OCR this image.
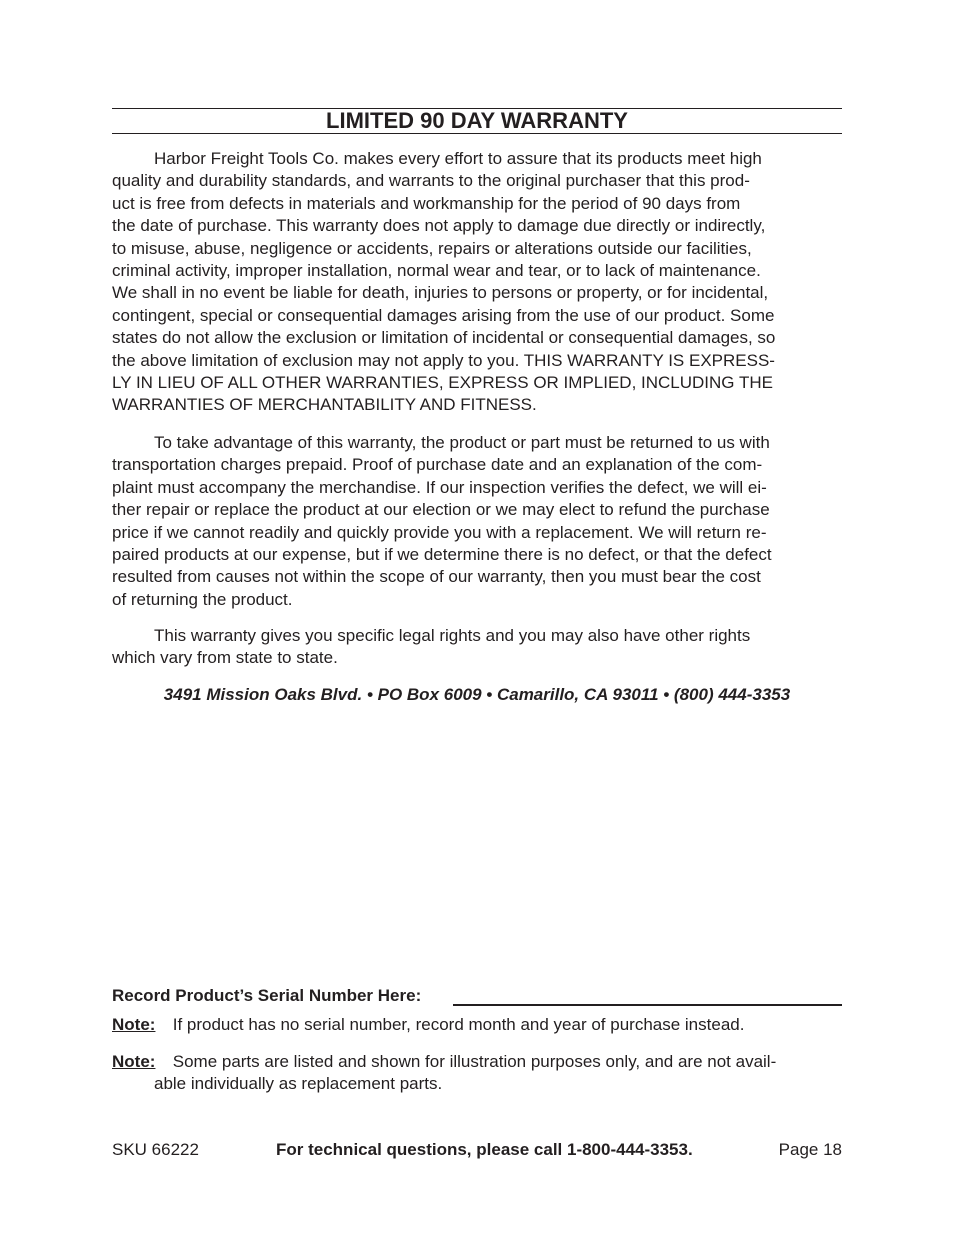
LIMITED 90 DAY WARRANTY
Harbor Freight Tools Co. makes every effort to assure that its products meet high
quality and durability standards, and warrants to the original purchaser that this prod-
uct is free from defects in materials and workmanship for the period of 90 days from
the date of purchase. This warranty does not apply to damage due directly or indirectly,
to misuse, abuse, negligence or accidents, repairs or alterations outside our facilities,
criminal activity, improper installation, normal wear and tear, or to lack of maintenance.
We shall in no event be liable for death, injuries to persons or property, or for incidental,
contingent, special or consequential damages arising from the use of our product. Some
states do not allow the exclusion or limitation of incidental or consequential damages, so
the above limitation of exclusion may not apply to you. THIS WARRANTY IS EXPRESS-
LY IN LIEU OF ALL OTHER WARRANTIES, EXPRESS OR IMPLIED, INCLUDING THE
WARRANTIES OF MERCHANTABILITY AND FITNESS.
To take advantage of this warranty, the product or part must be returned to us with
transportation charges prepaid. Proof of purchase date and an explanation of the com-
plaint must accompany the merchandise. If our inspection verifies the defect, we will ei-
ther repair or replace the product at our election or we may elect to refund the purchase
price if we cannot readily and quickly provide you with a replacement. We will return re-
paired products at our expense, but if we determine there is no defect, or that the defect
resulted from causes not within the scope of our warranty, then you must bear the cost
of returning the product.
This warranty gives you specific legal rights and you may also have other rights
which vary from state to state.
3491 Mission Oaks Blvd. • PO Box 6009 • Camarillo, CA 93011 • (800) 444-3353
Record Product’s Serial Number Here:
Note: If product has no serial number, record month and year of purchase instead.
Note: Some parts are listed and shown for illustration purposes only, and are not avail-
able individually as replacement parts.
SKU 66222	For technical questions, please call 1-800-444-3353.	Page 18
